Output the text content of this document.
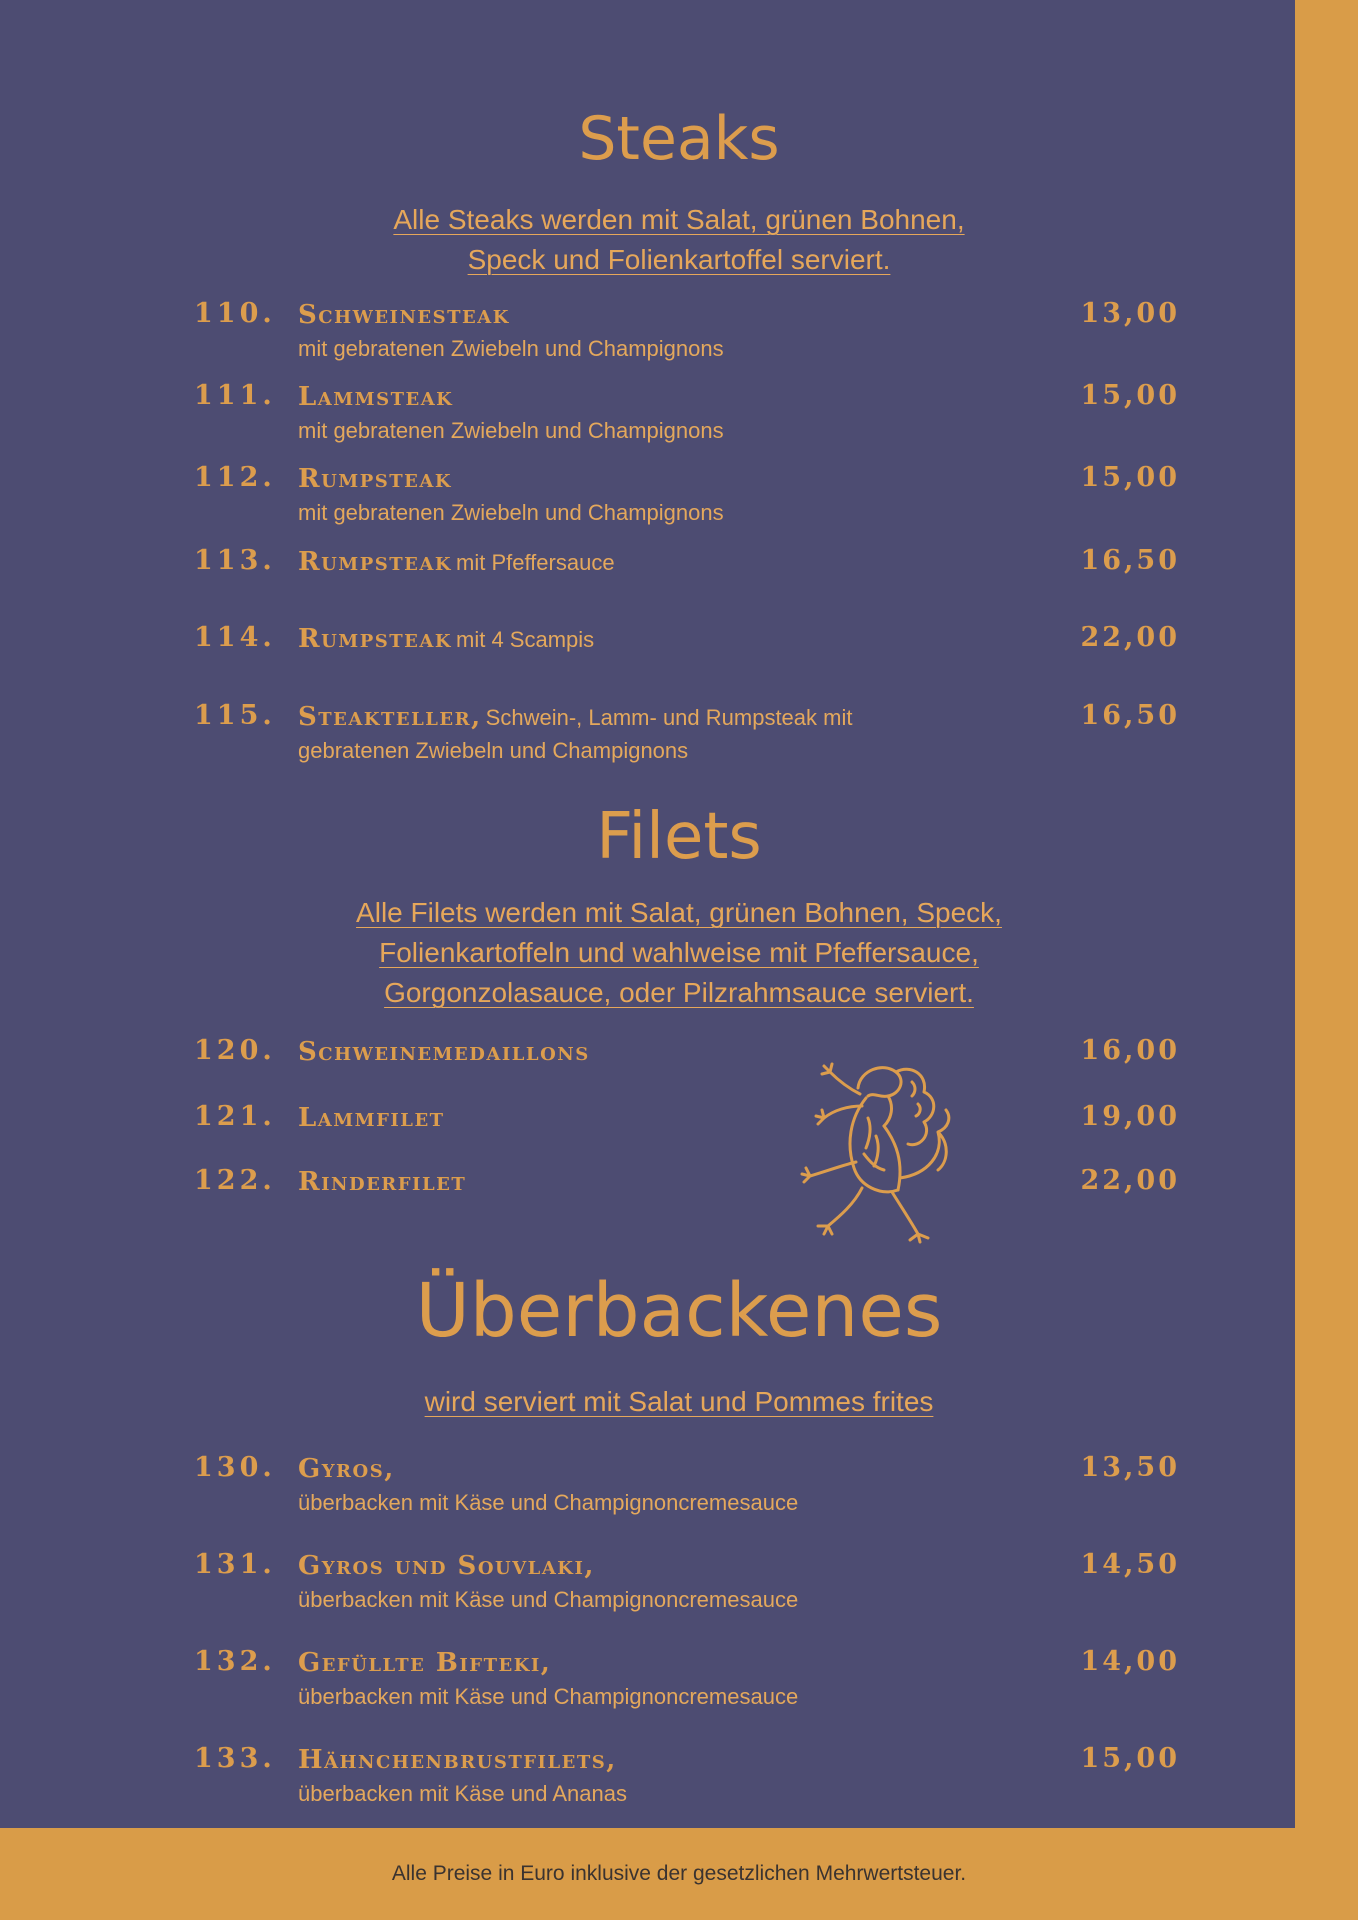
Steaks
Alle Steaks werden mit Salat, grünen Bohnen,
Speck und Folienkartoffel serviert.
110. Schweinesteak
mit gebratenen Zwiebeln und Champignons
13,00
111. Lammsteak
mit gebratenen Zwiebeln und Champignons
15,00
112. Rumpsteak
mit gebratenen Zwiebeln und Champignons
15,00
113. Rumpsteak mit Pfeffersauce	16,50
114. Rumpsteak mit 4 Scampis	22,00
115. Steakteller, Schwein-, Lamm- und Rumpsteak mit
gebratenen Zwiebeln und Champignons
16,50
Filets
Alle Filets werden mit Salat, grünen Bohnen, Speck,
Folienkartoffeln und wahlweise mit Pfeffersauce,
Gorgonzolasauce, oder Pilzrahmsauce serviert.
120. Schweinemedaillons	16,00
121. Lammfilet	19,00
122. Rinderfilet	22,00
Überbackenes
wird serviert mit Salat und Pommes frites
130. Gyros,
überbacken mit Käse und Champignoncremesauce
13,50
131. Gyros und Souvlaki,
überbacken mit Käse und Champignoncremesauce
14,50
132. Gefüllte Bifteki,
überbacken mit Käse und Champignoncremesauce
14,00
133. Hähnchenbrustfilets,
überbacken mit Käse und Ananas
15,00
Alle Preise in Euro inklusive der gesetzlichen Mehrwertsteuer.
